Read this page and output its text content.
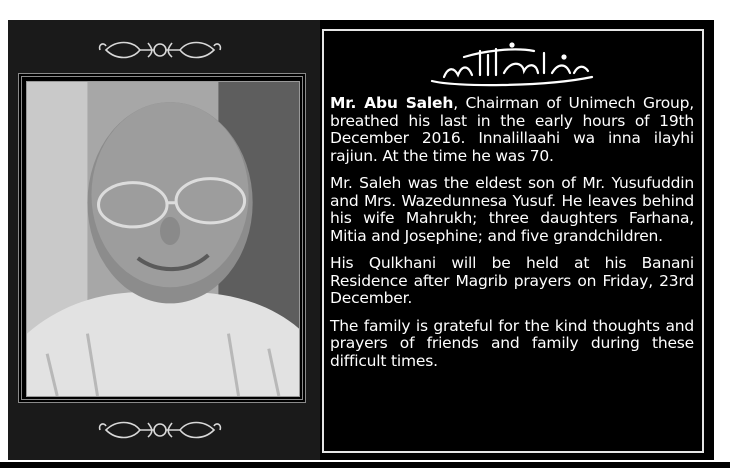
Mr. Abu Saleh, Chairman of Unimech Group, breathed his last in the early hours of 19th December 2016. Innalillaahi wa inna ilayhi rajiun. At the time he was 70.

Mr. Saleh was the eldest son of Mr. Yusufuddin and Mrs. Wazedunnesa Yusuf. He leaves behind his wife Mahrukh; three daughters Farhana, Mitia and Josephine; and five grandchildren.

His Qulkhani will be held at his Banani Residence after Magrib prayers on Friday, 23rd December.

The family is grateful for the kind thoughts and prayers of friends and family during these difficult times.
